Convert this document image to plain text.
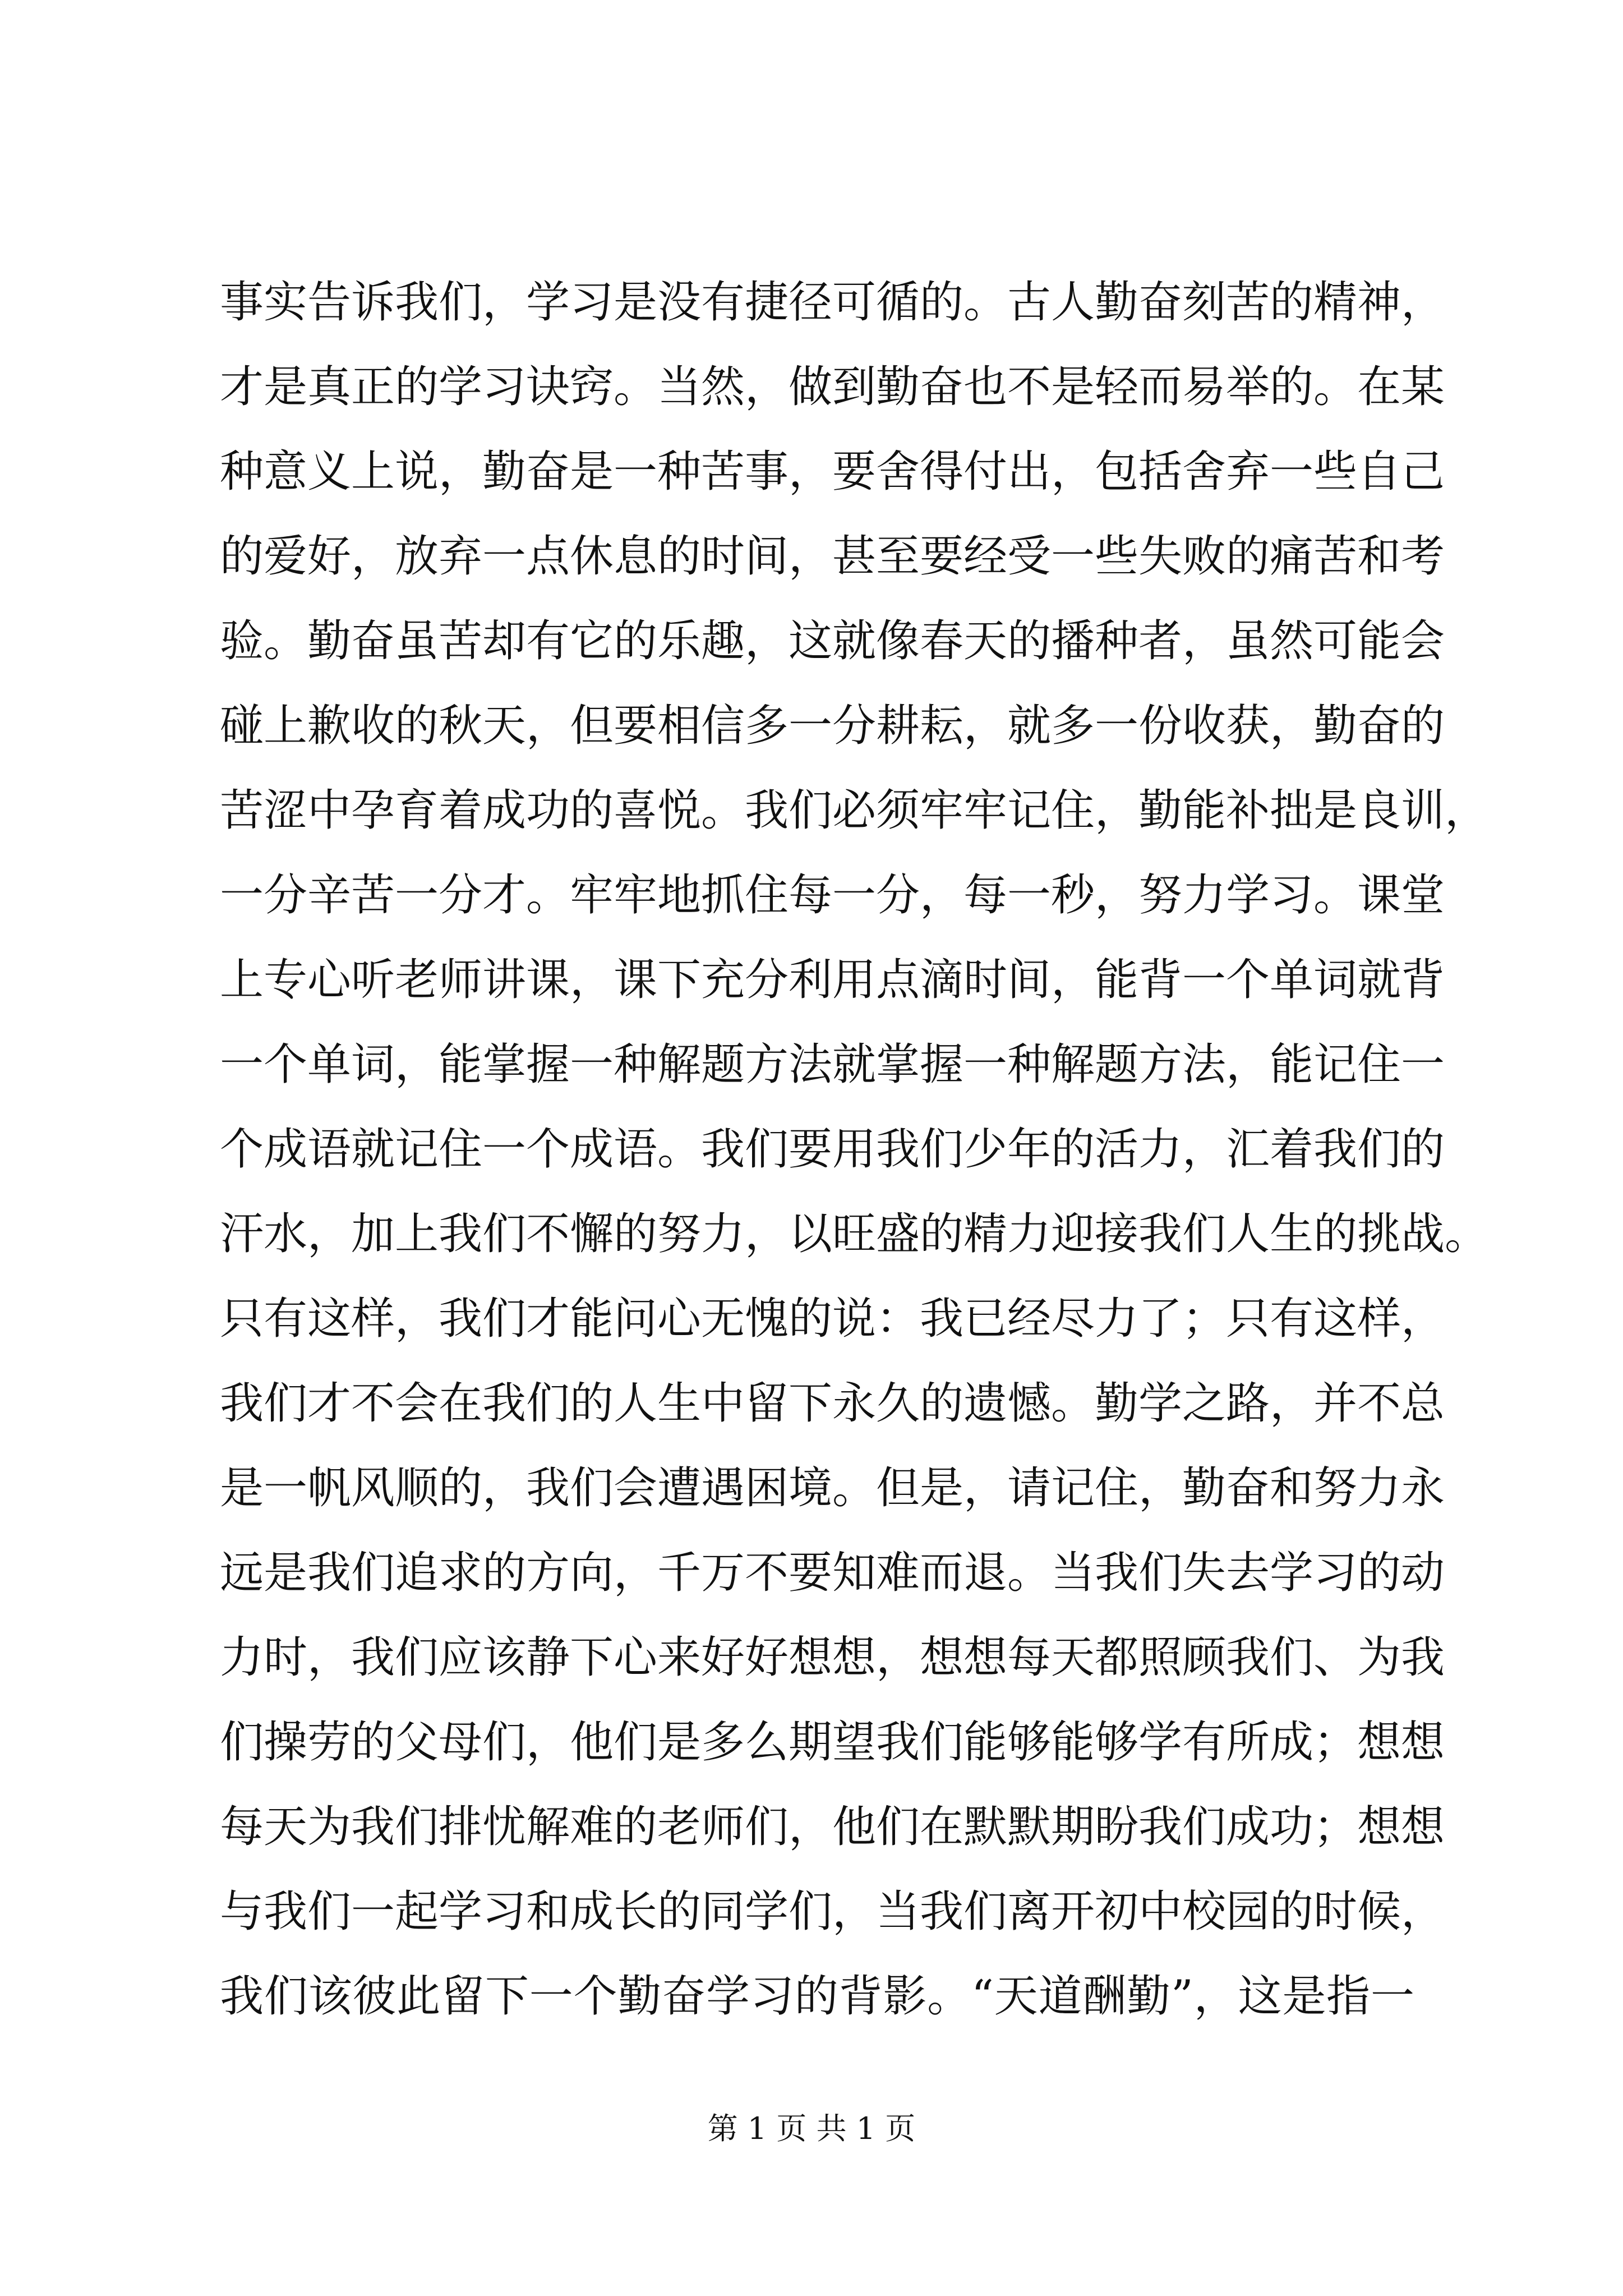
事实告诉我们，学习是没有捷径可循的。古人勤奋刻苦的精神，
才是真正的学习诀窍。当然，做到勤奋也不是轻而易举的。在某
种意义上说，勤奋是一种苦事，要舍得付出，包括舍弃一些自己
的爱好，放弃一点休息的时间，甚至要经受一些失败的痛苦和考
验。勤奋虽苦却有它的乐趣，这就像春天的播种者，虽然可能会
碰上歉收的秋天，但要相信多一分耕耘，就多一份收获，勤奋的
苦涩中孕育着成功的喜悦。我们必须牢牢记住，勤能补拙是良训，
一分辛苦一分才。牢牢地抓住每一分，每一秒，努力学习。课堂
上专心听老师讲课，课下充分利用点滴时间，能背一个单词就背
一个单词，能掌握一种解题方法就掌握一种解题方法，能记住一
个成语就记住一个成语。我们要用我们少年的活力，汇着我们的
汗水，加上我们不懈的努力，以旺盛的精力迎接我们人生的挑战。
只有这样，我们才能问心无愧的说：我已经尽力了；只有这样，
我们才不会在我们的人生中留下永久的遗憾。勤学之路，并不总
是一帆风顺的，我们会遭遇困境。但是，请记住，勤奋和努力永
远是我们追求的方向，千万不要知难而退。当我们失去学习的动
力时，我们应该静下心来好好想想，想想每天都照顾我们、为我
们操劳的父母们，他们是多么期望我们能够能够学有所成；想想
每天为我们排忧解难的老师们，他们在默默期盼我们成功；想想
与我们一起学习和成长的同学们，当我们离开初中校园的时候，
我们该彼此留下一个勤奋学习的背影。“天道酬勤”，这是指一
第 1 页 共 1 页
